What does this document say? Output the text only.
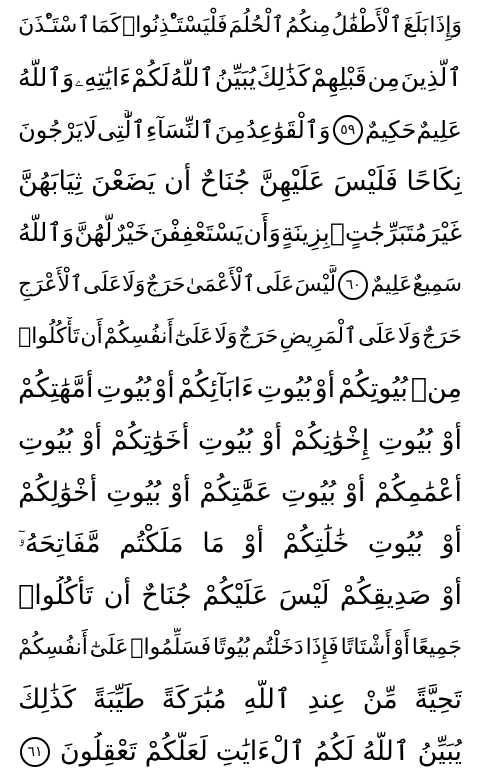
وَإِذَا
بَلَغَ
ٱلْأَطْفَٰلُ
مِنكُمُ
ٱلْحُلُمَ
فَلْيَسْتَـْٔذِنُوا۟
كَمَا
ٱسْتَـْٔذَنَ
ٱلَّذِينَ
مِن
قَبْلِهِمْ
كَذَٰلِكَ
يُبَيِّنُ
ٱللَّهُ
لَكُمْ
ءَايَٰتِهِۦ
وَٱللَّهُ
عَلِيمٌ
حَكِيمٌ
٥٩
وَٱلْقَوَٰعِدُ
مِنَ
ٱلنِّسَآءِ
ٱلَّٰتِى
لَا
يَرْجُونَ
نِكَاحًا
فَلَيْسَ
عَلَيْهِنَّ
جُنَاحٌ
أَن
يَضَعْنَ
ثِيَابَهُنَّ
غَيْرَ
مُتَبَرِّجَٰتٍۭ
بِزِينَةٍ
وَأَن
يَسْتَعْفِفْنَ
خَيْرٌ
لَّهُنَّ
وَٱللَّهُ
سَمِيعٌ
عَلِيمٌ
٦٠
لَّيْسَ
عَلَى
ٱلْأَعْمَىٰ
حَرَجٌ
وَلَا
عَلَى
ٱلْأَعْرَجِ
حَرَجٌ
وَلَا
عَلَى
ٱلْمَرِيضِ
حَرَجٌ
وَلَا
عَلَىٰٓ
أَنفُسِكُمْ
أَن
تَأْكُلُوا۟
مِنۢ
بُيُوتِكُمْ
أَوْ
بُيُوتِ
ءَابَآئِكُمْ
أَوْ
بُيُوتِ
أُمَّهَٰتِكُمْ
أَوْ
بُيُوتِ
إِخْوَٰنِكُمْ
أَوْ
بُيُوتِ
أَخَوَٰتِكُمْ
أَوْ
بُيُوتِ
أَعْمَٰمِكُمْ
أَوْ
بُيُوتِ
عَمَّٰتِكُمْ
أَوْ
بُيُوتِ
أَخْوَٰلِكُمْ
أَوْ
بُيُوتِ
خَٰلَٰتِكُمْ
أَوْ
مَا
مَلَكْتُم
مَّفَاتِحَهُۥٓ
أَوْ
صَدِيقِكُمْ
لَيْسَ
عَلَيْكُمْ
جُنَاحٌ
أَن
تَأْكُلُوا۟
جَمِيعًا
أَوْ
أَشْتَاتًا
فَإِذَا
دَخَلْتُم
بُيُوتًا
فَسَلِّمُوا۟
عَلَىٰٓ
أَنفُسِكُمْ
تَحِيَّةً
مِّنْ
عِندِ
ٱللَّهِ
مُبَٰرَكَةً
طَيِّبَةً
كَذَٰلِكَ
يُبَيِّنُ
ٱللَّهُ
لَكُمُ
ٱلْءَايَٰتِ
لَعَلَّكُمْ
تَعْقِلُونَ
٦١
